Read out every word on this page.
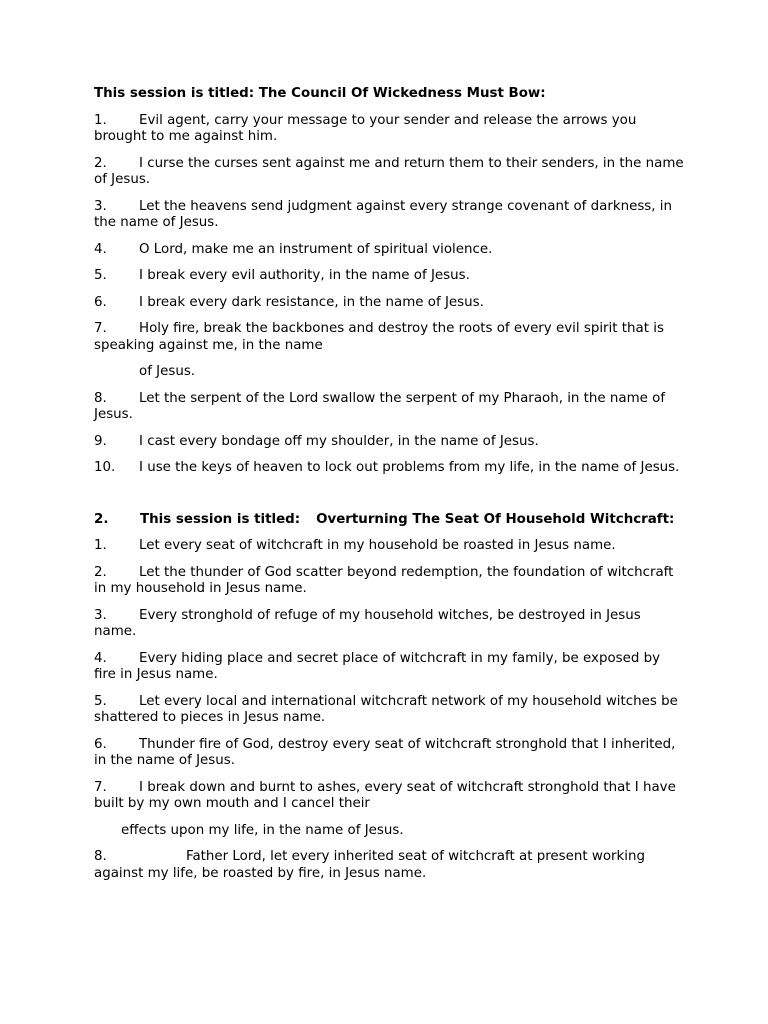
This session is titled: The Council Of Wickedness Must Bow:

1. Evil agent, carry your message to your sender and release the arrows you brought to me against him.

2. I curse the curses sent against me and return them to their senders, in the name of Jesus.

3. Let the heavens send judgment against every strange covenant of darkness, in the name of Jesus.

4. O Lord, make me an instrument of spiritual violence.

5. I break every evil authority, in the name of Jesus.

6. I break every dark resistance, in the name of Jesus.

7. Holy fire, break the backbones and destroy the roots of every evil spirit that is speaking against me, in the name

of Jesus.

8. Let the serpent of the Lord swallow the serpent of my Pharaoh, in the name of Jesus.

9. I cast every bondage off my shoulder, in the name of Jesus.

10. I use the keys of heaven to lock out problems from my life, in the name of Jesus.

2. This session is titled: Overturning The Seat Of Household Witchcraft:

1. Let every seat of witchcraft in my household be roasted in Jesus name.

2. Let the thunder of God scatter beyond redemption, the foundation of witchcraft in my household in Jesus name.

3. Every stronghold of refuge of my household witches, be destroyed in Jesus name.

4. Every hiding place and secret place of witchcraft in my family, be exposed by fire in Jesus name.

5. Let every local and international witchcraft network of my household witches be shattered to pieces in Jesus name.

6. Thunder fire of God, destroy every seat of witchcraft stronghold that I inherited, in the name of Jesus.

7. I break down and burnt to ashes, every seat of witchcraft stronghold that I have built by my own mouth and I cancel their

effects upon my life, in the name of Jesus.

8.	Father Lord, let every inherited seat of witchcraft at present working against my life, be roasted by fire, in Jesus name.
